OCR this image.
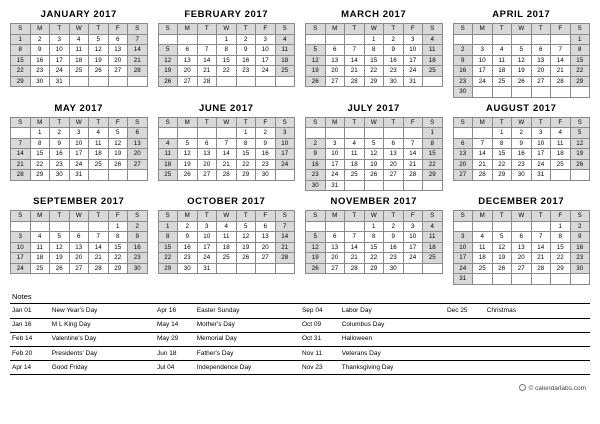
JANUARY 2017
S	M	T	W	T	F	S
1	2	3	4	5	6	7
8	9	10	11	12	13	14
15	16	17	18	19	20	21
22	23	24	25	26	27	28
29	30	31				
FEBRUARY 2017
S	M	T	W	T	F	S
			1	2	3	4
5	6	7	8	9	10	11
12	13	14	15	16	17	18
19	20	21	22	23	24	25
26	27	28				
MARCH 2017
S	M	T	W	T	F	S
			1	2	3	4
5	6	7	8	9	10	11
12	13	14	15	16	17	18
19	20	21	22	23	24	25
26	27	28	29	30	31	
APRIL 2017
S	M	T	W	T	F	S
						1
2	3	4	5	6	7	8
9	10	11	12	13	14	15
16	17	18	19	20	21	22
23	24	25	26	27	28	29
30						
MAY 2017
S	M	T	W	T	F	S
	1	2	3	4	5	6
7	8	9	10	11	12	13
14	15	16	17	18	19	20
21	22	23	24	25	26	27
28	29	30	31			
JUNE 2017
S	M	T	W	T	F	S
				1	2	3
4	5	6	7	8	9	10
11	12	13	14	15	16	17
18	19	20	21	22	23	24
25	26	27	28	29	30	
JULY 2017
S	M	T	W	T	F	S
						1
2	3	4	5	6	7	8
9	10	11	12	13	14	15
16	17	18	19	20	21	22
23	24	25	26	27	28	29
30	31					
AUGUST 2017
S	M	T	W	T	F	S
		1	2	3	4	5
6	7	8	9	10	11	12
13	14	15	16	17	18	19
20	21	22	23	24	25	26
27	28	29	30	31		
SEPTEMBER 2017
S	M	T	W	T	F	S
					1	2
3	4	5	6	7	8	9
10	11	12	13	14	15	16
17	18	19	20	21	22	23
24	25	26	27	28	29	30
OCTOBER 2017
S	M	T	W	T	F	S
1	2	3	4	5	6	7
8	9	10	11	12	13	14
15	16	17	18	19	20	21
22	23	24	25	26	27	28
29	30	31				
NOVEMBER 2017
S	M	T	W	T	F	S
			1	2	3	4
5	6	7	8	9	10	11
12	13	14	15	16	17	18
19	20	21	22	23	24	25
26	27	28	29	30		
DECEMBER 2017
S	M	T	W	T	F	S
					1	2
3	4	5	6	7	8	9
10	11	12	13	14	15	16
17	18	19	20	21	22	23
24	25	26	27	28	29	30
31						
Notes
Jan 01	New Year's Day	Apr 16	Easter Sunday	Sep 04	Labor Day	Dec 25	Christmas
Jan 16	M L King Day	May 14	Mother's Day	Oct 09	Columbus Day		
Feb 14	Valentine's Day	May 29	Memorial Day	Oct 31	Halloween		
Feb 20	Presidents' Day	Jun 18	Father's Day	Nov 11	Veterans Day		
Apr 14	Good Friday	Jul 04	Independence Day	Nov 23	Thanksgiving Day		
© calendarlabs.com
